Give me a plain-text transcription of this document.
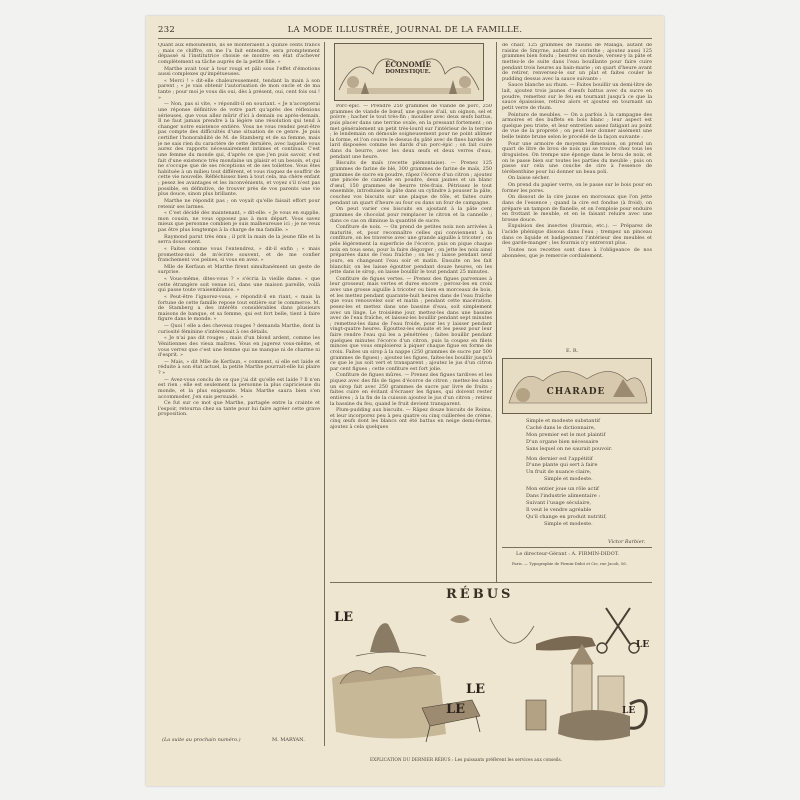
232	LA MODE ILLUSTRÉE, JOURNAL DE LA FAMILLE.

Quant aux émoluments, ils se monteraient à quinze cents francs ; mais ce chiffre, on me l'a fait entendre, sera promptement dépassé si l'institutrice choisie se montre en état d'achever complètement sa tâche auprès de la petite fille. »

Marthe avait tour à tour rougi et pâli sous l'effet d'émotions aussi complexes qu'impétueuses.

« Merci ! » dit-elle chaleureusement, tendant la main à son parent ; « je vais obtenir l'autorisation de mon oncle et de ma tante ; pour moi je vous dis oui, dès à présent, oui, cent fois oui ! »

— Non, pas si vite, » répondit-il en souriant. « Je n'accepterai une réponse définitive de votre part qu'après des réflexions sérieuses, que vous allez mûrir d'ici à demain ou après-demain. Il ne faut jamais prendre à la légère une résolution qui tend à changer notre existence entière. Vous ne vous rendez peut-être pas compte des difficultés d'une situation de ce genre. Je puis certifier l'honorabilité de M. de Stamberg et de sa femme, mais je ne sais rien du caractère de cette dernière, avec laquelle vous aurez des rapports nécessairement intimes et continus. C'est une femme du monde qui, d'après ce que j'en puis savoir, s'est fait d'une existence très mondaine un plaisir et un besoin, et qui ne s'occupe que de ses réceptions et de ses toilettes. Vous êtes habituée à un milieu tout différent, et vous risquez de souffrir de cette vie nouvelle. Réfléchissez bien à tout cela, ma chère enfant ; pesez les avantages et les inconvénients, et voyez s'il n'est pas possible, en définitive, de trouver près de vos parents une vie plus douce, sinon plus brillante.

Marthe ne répondit pas ; on voyait qu'elle faisait effort pour retenir ses larmes.

« C'est décidé dès maintenant, » dit-elle. « Je vous en supplie, mon cousin, ne vous opposez pas à mon départ. Vous savez mieux que personne combien je suis malheureuse ici ; je ne veux pas être plus longtemps à la charge de ma famille. »

Raymond parut très ému ; il prit la main de la jeune fille et la serra doucement.

« Faites comme vous l'entendrez, » dit-il enfin ; « mais promettez-moi de m'écrire souvent, et de me confier franchement vos peines, si vous en avez. »

Mlle de Kerfaun et Marthe firent simultanément un geste de surprise.

« Vous-même, dites-vous ? » s'écria la vieille dame. « que cette étrangère soit venue ici, dans une maison pareille, voilà qui passe toute vraisemblance. »

« Peut-être l'ignorez-vous, » répondit-il en riant, « mais la fortune de cette famille repose tout entière sur le commerce. M. de Stamberg a des intérêts considérables dans plusieurs maisons de banque, et sa femme, qui est fort belle, tient à faire figure dans le monde. »

— Quoi ! elle a des cheveux rouges ? demanda Marthe, dont la curiosité féminine s'intéressait à ces détails.

« Je n'ai pas dit rouges ; mais d'un blond ardent, comme les Vénitiennes des vieux maîtres. Vous en jugerez vous-même, et vous verrez que c'est une femme qui ne manque ni de charme ni d'esprit. »

— Mais, » dit Mlle de Kerfaun, « comment, si elle est laide et réduite à son état actuel, la petite Marthe pourrait-elle lui plaire ? »

— Avez-vous conclu de ce que j'ai dit qu'elle est laide ? Il n'en est rien ; elle est seulement la personne la plus capricieuse du monde, et la plus exigeante. Mais Marthe saura bien s'en accommoder, j'en suis persuadé. »

Ce fut sur ce mot que Marthe, partagée entre la crainte et l'espoir, retourna chez sa tante pour lui faire agréer cette grave proposition.

(La suite au prochain numéro.)	M. MARYAN.
ÉCONOMIE
DOMESTIQUE.

Porc-épic. — Prendre 250 grammes de viande de porc, 250 grammes de viande de bœuf, une gousse d'ail, un oignon, sel et poivre ; hacher le tout très-fin ; mouiller avec deux œufs battus, puis placer dans une terrine ovale, en la pressant fortement ; on met généralement un petit très-lourd sur l'intérieur de la terrine ; le lendemain on démoule soigneusement pour ne point abîmer la forme, et l'on couvre le dessus du pâté avec de fines bardes de lard disposées comme les dards d'un porc-épic ; on fait cuire dans du beurre, avec les deux œufs et deux verres d'eau, pendant une heure.

Biscuits de maïs (recette piémontaise). — Prenez 125 grammes de farine de blé, 300 grammes de farine de maïs, 250 grammes de sucre en poudre, râpez l'écorce d'un citron ; ajoutez une pincée de cannelle en poudre, deux jaunes et un blanc d'œuf, 150 grammes de beurre très-frais. Pétrissez le tout ensemble, introduisez la pâte dans un cylindre à pousser la pâte, couchez vos biscuits sur une plaque de tôle, et faites cuire pendant un quart d'heure au four ou dans un four de campagne.

On peut varier ces biscuits en ajoutant à la pâte cent grammes de chocolat pour remplacer le citron et la cannelle ; dans ce cas on diminue la quantité de sucre.

Confiture de noix. — On prend de petites noix non arrivées à maturité, et, pour reconnaître celles qui conviennent à la confiture, on les traverse avec une grande aiguille à tricoter ; on pèle légèrement la superficie de l'écorce, puis on pique chaque noix en tous sens, pour la faire dégorger ; on jette les noix ainsi préparées dans de l'eau fraîche ; on les y laisse pendant neuf jours, en changeant l'eau soir et matin. Ensuite on les fait blanchir, on les laisse égoutter pendant douze heures, on les jette dans le sirop, on laisse bouillir le tout pendant 25 minutes.

Confiture de figues vertes. — Prenez des figues parvenues à leur grosseur, mais vertes et dures encore ; percez-les en croix avec une grosse aiguille à tricoter ou bien en morceaux de bois, et les mettez pendant quarante-huit heures dans de l'eau fraîche que vous renouvelez soir et matin ; pendant cette macération, pesez-les et mettez dans une bassine d'eau, soit simplement avec un linge. Le troisième jour, mettez-les dans une bassine avec de l'eau fraîche, et laissez-les bouillir pendant sept minutes ; remettez-les dans de l'eau froide, pour les y laisser pendant vingt-quatre heures. Égouttez-les ensuite et les pesez pour leur faire rendre l'eau qui les a pénétrées ; faites bouillir pendant quelques minutes l'écorce d'un citron, puis la coupez en filets minces que vous emploierez à piquer chaque figue en forme de croix. Faites un sirop à la nappe (250 grammes de sucre par 500 grammes de figues) ; ajoutez les figues, faites-les bouillir jusqu'à ce que le jus soit vert et transparent ; ajoutez le jus d'un citron par cent figues ; cette confiture est fort jolie.

Confiture de figues mûres. — Prenez des figues tardives et les piquez avec des fils de tiges d'écorce de citron ; mettez-les dans un sirop fait avec 250 grammes de sucre par livre de fruits ; faites cuire en évitant d'écraser les figues, qui doivent rester entières ; à la fin de la cuisson ajoutez le jus d'un citron ; retirez la bassine du feu, quand le fruit devient transparent.

Plum-pudding aux biscuits. — Râpez douze biscuits de Reims, et leur incorporez peu à peu quatre ou cinq cuillerées de crème, cinq œufs dont les blancs ont été battus en neige demi-ferme, ajoutez à cela quelques

de chair, 125 grammes de raisins de Malaga, autant de raisins de Smyrne, autant de corinthe ; ajoutez aussi 125 grammes bien fondu ; beurrez un moule, versez-y la pâte et mettez-le de suite dans l'eau bouillante pour faire cuire pendant trois heures au bain-marie ; on quart d'heure avant de retirer, renversez-le sur un plat et faites couler le pudding dessus avec la sauce suivante :

Sauce blanche au rhum. — Faites bouillir un demi-litre de lait, ajoutez trois jaunes d'œufs battus avec du sucre en poudre, remettez sur le feu en tournant jusqu'à ce que la sauce épaississe, retirez alors et ajoutez en tournant un petit verre de rhum.

Peinture de meubles. — On a parfois à la campagne des armoires et des buffets en bois blanc ; leur aspect est quelque peu triste, et leur entretien assez fatigant au point de vue de la propreté ; on peut leur donner aisément une belle teinte brune selon le procédé de la façon suivante :

Pour une armoire de moyenne dimension, on prend un quart de litre de brou de noix qui se trouve chez tous les droguistes. On trempe une éponge dans le brou de noix, et on le passe bien sur toutes les parties du meuble ; puis on passe sur cela une couche de cire à l'essence de térébenthine pour lui donner un beau poli.

On laisse sécher.

On prend du papier verre, on le passe sur le bois pour en former les pores.

On dissout de la cire jaune en morceaux que l'on jette dans de l'essence ; quand la cire est fondue (à froid), on prépare un tampon de flanelle, et on l'emploie pour enduire en frottant le meuble, et en le faisant reluire avec une brosse douce.

Expulsion des insectes (fourmis, etc.). — Préparez de l'acide phénique dissous dans l'eau ; trempez un pinceau dans ce liquide et badigeonnez l'intérieur des meubles et des garde-manger ; les fourmis n'y entreront plus.

Toutes nos recettes sont dues à l'obligeance de nos abonnées, que je remercie cordialement.

E. R.
CHARADE
Simple et modeste substantif
Caché dans le dictionnaire,
Mon premier est le mot plaintif
D'un organe bien nécessaire
Sans lequel on ne saurait pouvoir.
Mon dernier est l'appétitif
D'une plante qui sert à faire
Un fruit de nuance claire,
Simple et modeste.
Mon entier joue un rôle actif
Dans l'industrie alimentaire :
Suivant l'usage séculaire,
Il veut le vendre agréable
Qu'il change en produit nutritif,
Simple et modeste.
Victor Barbier.
Le directeur-Gérant : A. FIRMIN-DIDOT.
Paris. — Typographie de Firmin-Didot et Cie, rue Jacob, 56.
RÉBUS
LE
LE
LE
LE	LE
EXPLICATION DU DERNIER RÉBUS : Les puissants préfèrent les services aux conseils.
